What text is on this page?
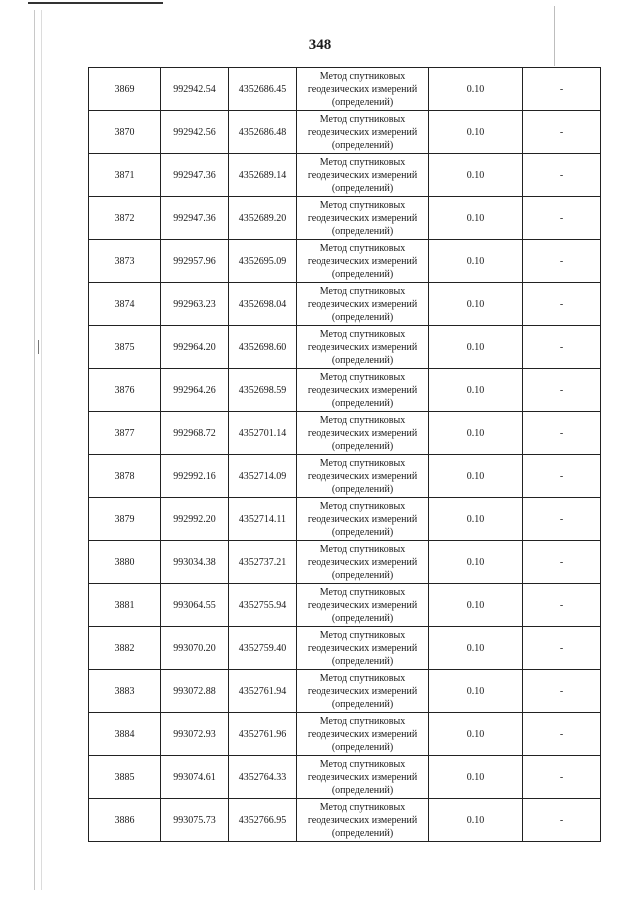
348
3869	992942.54	4352686.45	Метод спутниковых
геодезических измерений
(определений)	0.10	-
3870	992942.56	4352686.48	Метод спутниковых
геодезических измерений
(определений)	0.10	-
3871	992947.36	4352689.14	Метод спутниковых
геодезических измерений
(определений)	0.10	-
3872	992947.36	4352689.20	Метод спутниковых
геодезических измерений
(определений)	0.10	-
3873	992957.96	4352695.09	Метод спутниковых
геодезических измерений
(определений)	0.10	-
3874	992963.23	4352698.04	Метод спутниковых
геодезических измерений
(определений)	0.10	-
3875	992964.20	4352698.60	Метод спутниковых
геодезических измерений
(определений)	0.10	-
3876	992964.26	4352698.59	Метод спутниковых
геодезических измерений
(определений)	0.10	-
3877	992968.72	4352701.14	Метод спутниковых
геодезических измерений
(определений)	0.10	-
3878	992992.16	4352714.09	Метод спутниковых
геодезических измерений
(определений)	0.10	-
3879	992992.20	4352714.11	Метод спутниковых
геодезических измерений
(определений)	0.10	-
3880	993034.38	4352737.21	Метод спутниковых
геодезических измерений
(определений)	0.10	-
3881	993064.55	4352755.94	Метод спутниковых
геодезических измерений
(определений)	0.10	-
3882	993070.20	4352759.40	Метод спутниковых
геодезических измерений
(определений)	0.10	-
3883	993072.88	4352761.94	Метод спутниковых
геодезических измерений
(определений)	0.10	-
3884	993072.93	4352761.96	Метод спутниковых
геодезических измерений
(определений)	0.10	-
3885	993074.61	4352764.33	Метод спутниковых
геодезических измерений
(определений)	0.10	-
3886	993075.73	4352766.95	Метод спутниковых
геодезических измерений
(определений)	0.10	-
